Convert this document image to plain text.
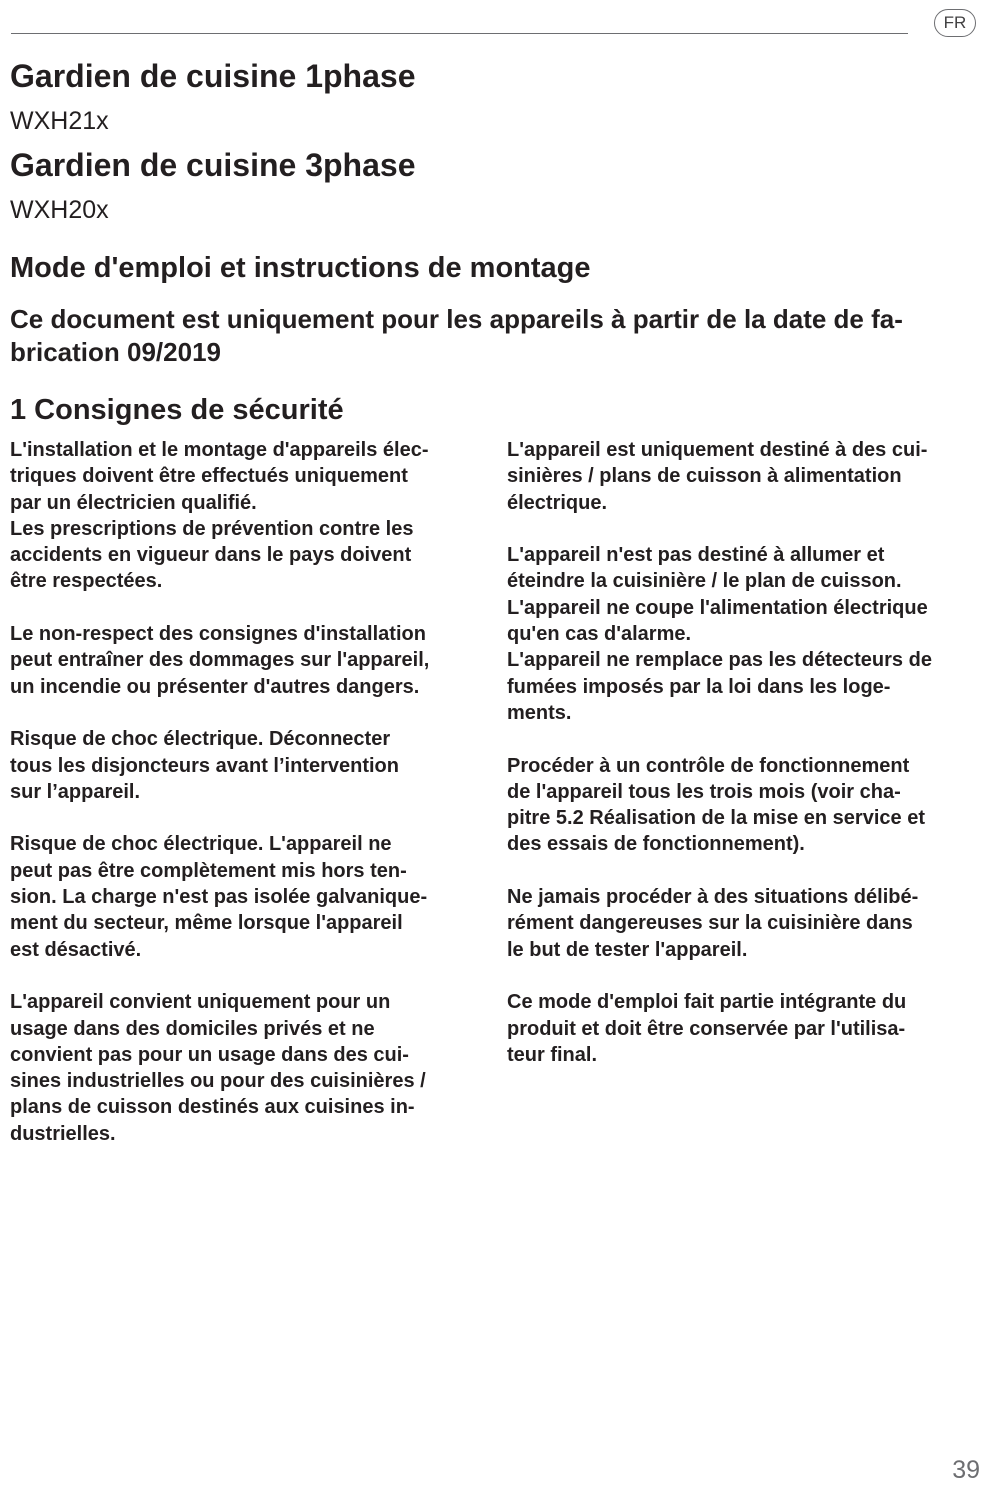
FR
Gardien de cuisine 1phase

WXH21x

Gardien de cuisine 3phase

WXH20x

Mode d'emploi et instructions de montage

Ce document est uniquement pour les appareils à partir de la date de fa-
brication 09/2019

1 Consignes de sécurité

L'installation et le montage d'appareils élec-
triques doivent être effectués uniquement
par un électricien qualifié.
Les prescriptions de prévention contre les
accidents en vigueur dans le pays doivent
être respectées.

Le non-respect des consignes d'installation
peut entraîner des dommages sur l'appareil,
un incendie ou présenter d'autres dangers.

Risque de choc électrique. Déconnecter
tous les disjoncteurs avant l’intervention
sur l’appareil.

Risque de choc électrique. L'appareil ne
peut pas être complètement mis hors ten-
sion. La charge n'est pas isolée galvanique-
ment du secteur, même lorsque l'appareil
est désactivé.

L'appareil convient uniquement pour un
usage dans des domiciles privés et ne
convient pas pour un usage dans des cui-
sines industrielles ou pour des cuisinières /
plans de cuisson destinés aux cuisines in-
dustrielles.

L'appareil est uniquement destiné à des cui-
sinières / plans de cuisson à alimentation
électrique.

L'appareil n'est pas destiné à allumer et
éteindre la cuisinière / le plan de cuisson.
L'appareil ne coupe l'alimentation électrique
qu'en cas d'alarme.
L'appareil ne remplace pas les détecteurs de
fumées imposés par la loi dans les loge-
ments.

Procéder à un contrôle de fonctionnement
de l'appareil tous les trois mois (voir cha-
pitre 5.2 Réalisation de la mise en service et
des essais de fonctionnement).

Ne jamais procéder à des situations délibé-
rément dangereuses sur la cuisinière dans
le but de tester l'appareil.

Ce mode d'emploi fait partie intégrante du
produit et doit être conservée par l'utilisa-
teur final.

39
